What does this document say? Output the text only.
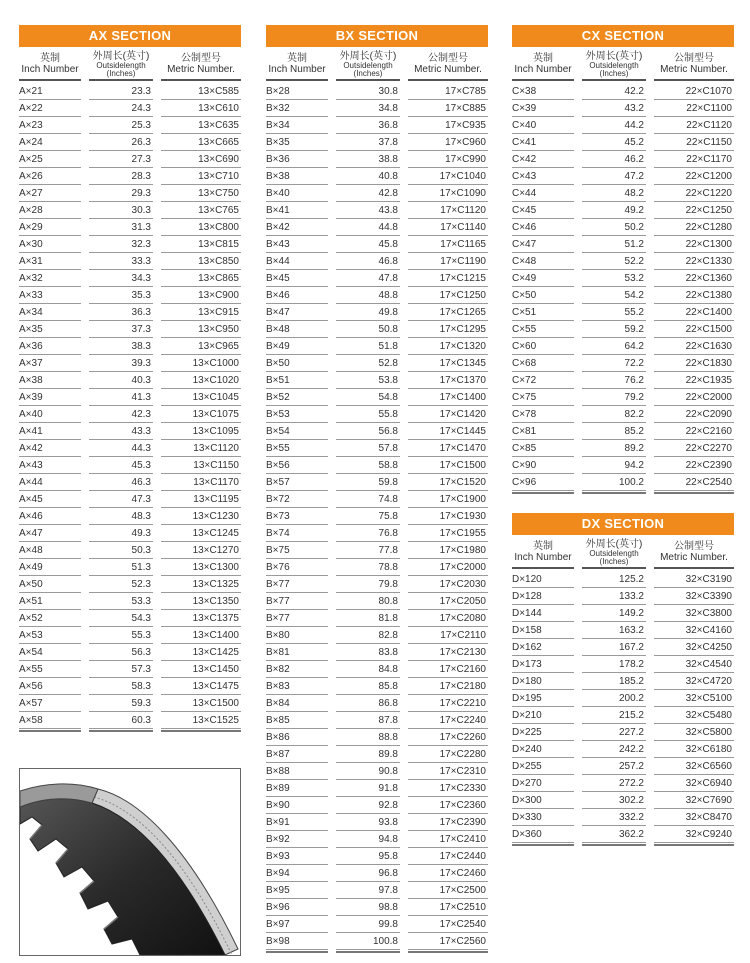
AX SECTION
英制
Inch Number
外周长(英寸)
Outsidelength
(Inches)
公制型号
Metric Number.
A×21	23.3	13×C585
A×22	24.3	13×C610
A×23	25.3	13×C635
A×24	26.3	13×C665
A×25	27.3	13×C690
A×26	28.3	13×C710
A×27	29.3	13×C750
A×28	30.3	13×C765
A×29	31.3	13×C800
A×30	32.3	13×C815
A×31	33.3	13×C850
A×32	34.3	13×C865
A×33	35.3	13×C900
A×34	36.3	13×C915
A×35	37.3	13×C950
A×36	38.3	13×C965
A×37	39.3	13×C1000
A×38	40.3	13×C1020
A×39	41.3	13×C1045
A×40	42.3	13×C1075
A×41	43.3	13×C1095
A×42	44.3	13×C1120
A×43	45.3	13×C1150
A×44	46.3	13×C1170
A×45	47.3	13×C1195
A×46	48.3	13×C1230
A×47	49.3	13×C1245
A×48	50.3	13×C1270
A×49	51.3	13×C1300
A×50	52.3	13×C1325
A×51	53.3	13×C1350
A×52	54.3	13×C1375
A×53	55.3	13×C1400
A×54	56.3	13×C1425
A×55	57.3	13×C1450
A×56	58.3	13×C1475
A×57	59.3	13×C1500
A×58	60.3	13×C1525
BX SECTION
英制
Inch Number
外周长(英寸)
Outsidelength
(Inches)
公制型号
Metric Number.
B×28	30.8	17×C785
B×32	34.8	17×C885
B×34	36.8	17×C935
B×35	37.8	17×C960
B×36	38.8	17×C990
B×38	40.8	17×C1040
B×40	42.8	17×C1090
B×41	43.8	17×C1120
B×42	44.8	17×C1140
B×43	45.8	17×C1165
B×44	46.8	17×C1190
B×45	47.8	17×C1215
B×46	48.8	17×C1250
B×47	49.8	17×C1265
B×48	50.8	17×C1295
B×49	51.8	17×C1320
B×50	52.8	17×C1345
B×51	53.8	17×C1370
B×52	54.8	17×C1400
B×53	55.8	17×C1420
B×54	56.8	17×C1445
B×55	57.8	17×C1470
B×56	58.8	17×C1500
B×57	59.8	17×C1520
B×72	74.8	17×C1900
B×73	75.8	17×C1930
B×74	76.8	17×C1955
B×75	77.8	17×C1980
B×76	78.8	17×C2000
B×77	79.8	17×C2030
B×77	80.8	17×C2050
B×77	81.8	17×C2080
B×80	82.8	17×C2110
B×81	83.8	17×C2130
B×82	84.8	17×C2160
B×83	85.8	17×C2180
B×84	86.8	17×C2210
B×85	87.8	17×C2240
B×86	88.8	17×C2260
B×87	89.8	17×C2280
B×88	90.8	17×C2310
B×89	91.8	17×C2330
B×90	92.8	17×C2360
B×91	93.8	17×C2390
B×92	94.8	17×C2410
B×93	95.8	17×C2440
B×94	96.8	17×C2460
B×95	97.8	17×C2500
B×96	98.8	17×C2510
B×97	99.8	17×C2540
B×98	100.8	17×C2560
CX SECTION
英制
Inch Number
外周长(英寸)
Outsidelength
(Inches)
公制型号
Metric Number.
C×38	42.2	22×C1070
C×39	43.2	22×C1100
C×40	44.2	22×C1120
C×41	45.2	22×C1150
C×42	46.2	22×C1170
C×43	47.2	22×C1200
C×44	48.2	22×C1220
C×45	49.2	22×C1250
C×46	50.2	22×C1280
C×47	51.2	22×C1300
C×48	52.2	22×C1330
C×49	53.2	22×C1360
C×50	54.2	22×C1380
C×51	55.2	22×C1400
C×55	59.2	22×C1500
C×60	64.2	22×C1630
C×68	72.2	22×C1830
C×72	76.2	22×C1935
C×75	79.2	22×C2000
C×78	82.2	22×C2090
C×81	85.2	22×C2160
C×85	89.2	22×C2270
C×90	94.2	22×C2390
C×96	100.2	22×C2540
DX SECTION
英制
Inch Number
外周长(英寸)
Outsidelength
(Inches)
公制型号
Metric Number.
D×120	125.2	32×C3190
D×128	133.2	32×C3390
D×144	149.2	32×C3800
D×158	163.2	32×C4160
D×162	167.2	32×C4250
D×173	178.2	32×C4540
D×180	185.2	32×C4720
D×195	200.2	32×C5100
D×210	215.2	32×C5480
D×225	227.2	32×C5800
D×240	242.2	32×C6180
D×255	257.2	32×C6560
D×270	272.2	32×C6940
D×300	302.2	32×C7690
D×330	332.2	32×C8470
D×360	362.2	32×C9240
